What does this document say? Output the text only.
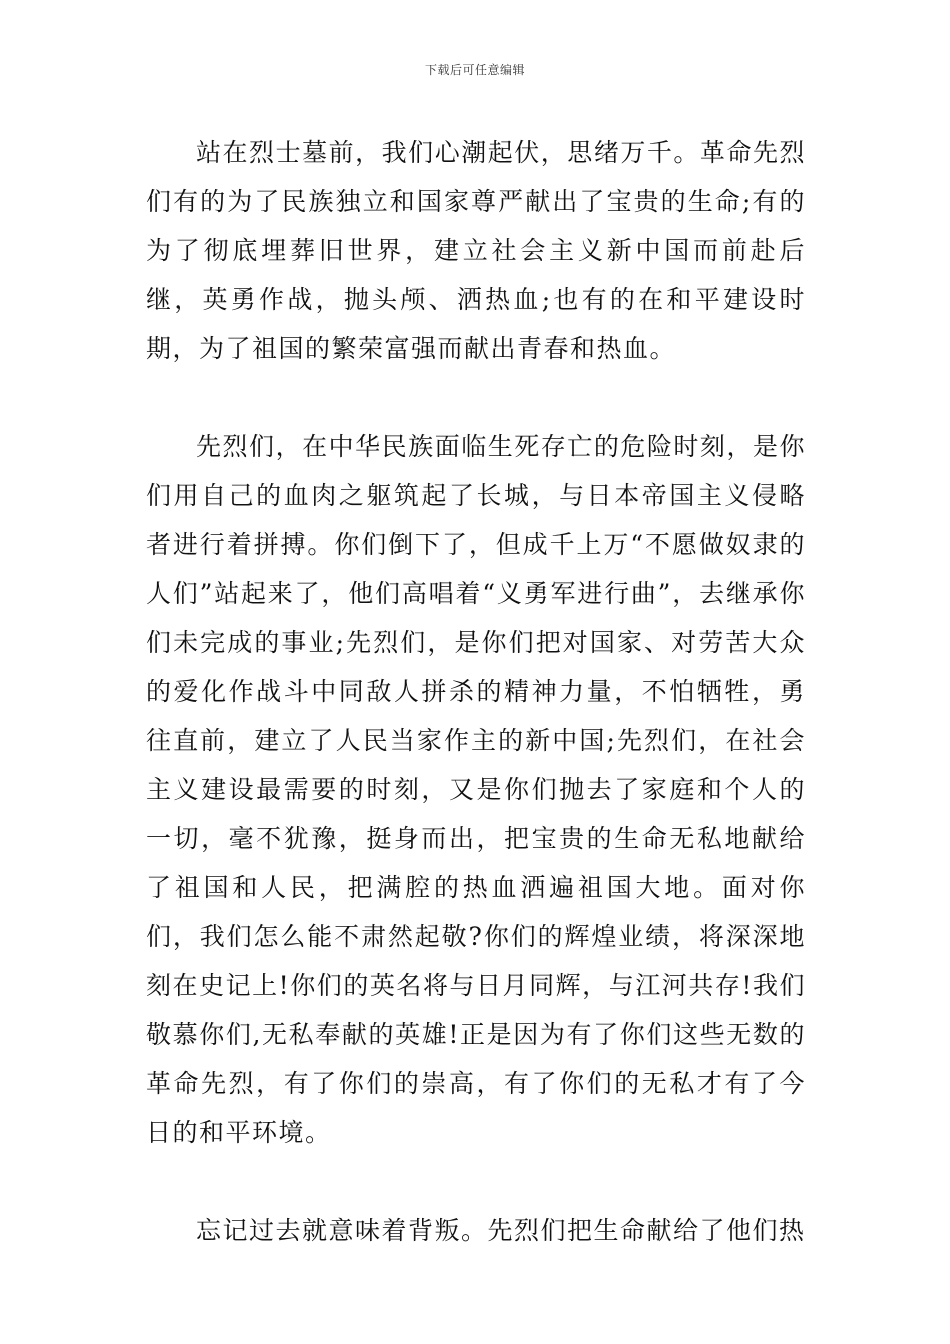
下载后可任意编辑

站在烈士墓前，我们心潮起伏，思绪万千。革命先烈们有的为了民族独立和国家尊严献出了宝贵的生命;有的为了彻底埋葬旧世界，建立社会主义新中国而前赴后继，英勇作战，抛头颅、洒热血;也有的在和平建设时期，为了祖国的繁荣富强而献出青春和热血。

先烈们，在中华民族面临生死存亡的危险时刻，是你们用自己的血肉之躯筑起了长城，与日本帝国主义侵略者进行着拼搏。你们倒下了，但成千上万“不愿做奴隶的人们”站起来了，他们高唱着“义勇军进行曲”，去继承你们未完成的事业;先烈们，是你们把对国家、对劳苦大众的爱化作战斗中同敌人拼杀的精神力量，不怕牺牲，勇往直前，建立了人民当家作主的新中国;先烈们，在社会主义建设最需要的时刻，又是你们抛去了家庭和个人的一切，毫不犹豫，挺身而出，把宝贵的生命无私地献给了祖国和人民，把满腔的热血洒遍祖国大地。面对你们，我们怎么能不肃然起敬?你们的辉煌业绩，将深深地刻在史记上!你们的英名将与日月同辉，与江河共存!我们敬慕你们,无私奉献的英雄!正是因为有了你们这些无数的革命先烈，有了你们的崇高，有了你们的无私才有了今日的和平环境。

忘记过去就意味着背叛。先烈们把生命献给了他们热
